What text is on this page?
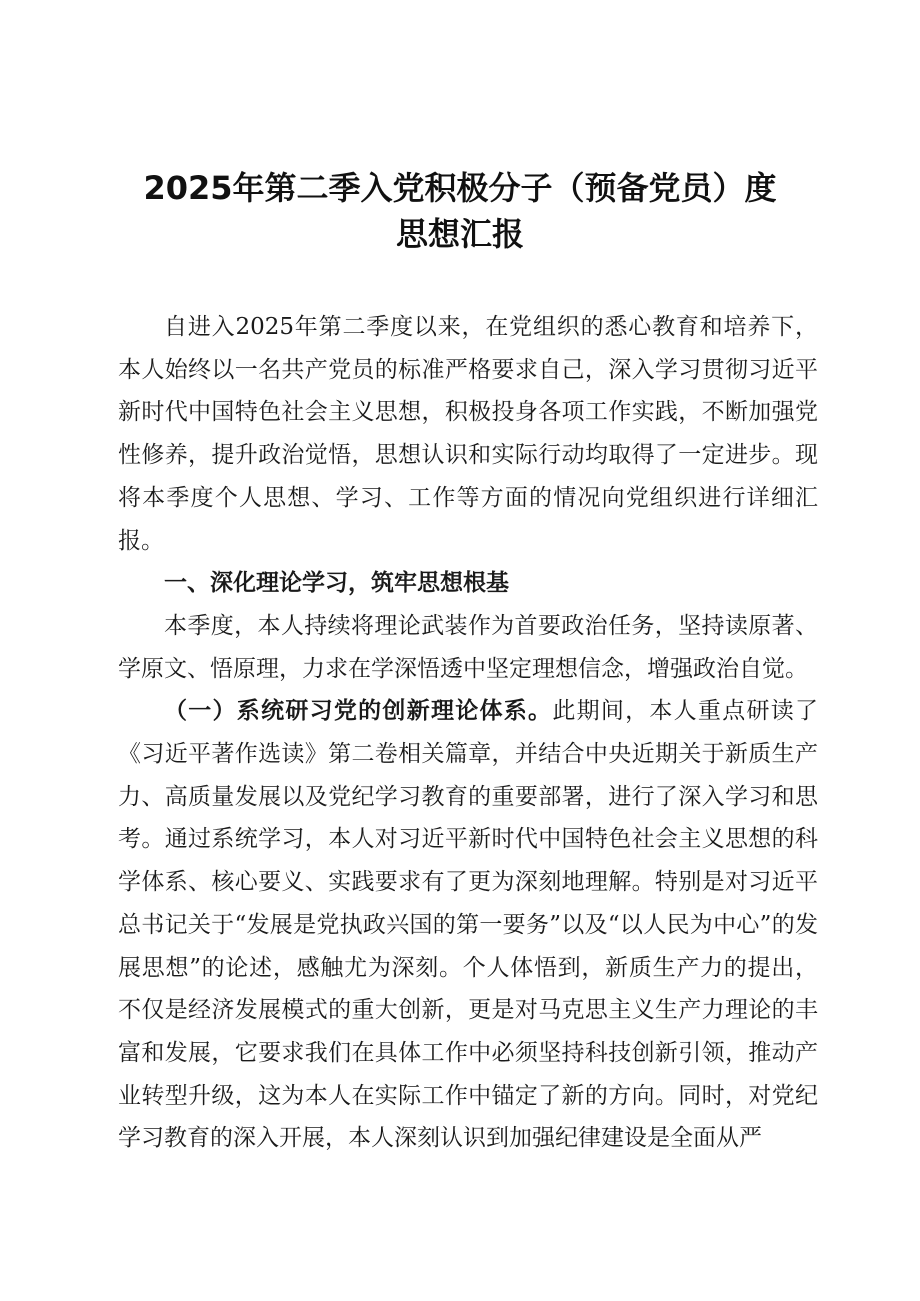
2025年第二季入党积极分子（预备党员）度
思想汇报

自进入2025年第二季度以来，在党组织的悉心教育和培养下，本人始终以一名共产党员的标准严格要求自己，深入学习贯彻习近平新时代中国特色社会主义思想，积极投身各项工作实践，不断加强党性修养，提升政治觉悟，思想认识和实际行动均取得了一定进步。现将本季度个人思想、学习、工作等方面的情况向党组织进行详细汇报。

一、深化理论学习，筑牢思想根基

本季度，本人持续将理论武装作为首要政治任务，坚持读原著、学原文、悟原理，力求在学深悟透中坚定理想信念，增强政治自觉。

（一）系统研习党的创新理论体系。此期间，本人重点研读了《习近平著作选读》第二卷相关篇章，并结合中央近期关于新质生产力、高质量发展以及党纪学习教育的重要部署，进行了深入学习和思考。通过系统学习，本人对习近平新时代中国特色社会主义思想的科学体系、核心要义、实践要求有了更为深刻地理解。特别是对习近平总书记关于“发展是党执政兴国的第一要务”以及“以人民为中心”的发展思想”的论述，感触尤为深刻。个人体悟到，新质生产力的提出，不仅是经济发展模式的重大创新，更是对马克思主义生产力理论的丰富和发展，它要求我们在具体工作中必须坚持科技创新引领，推动产业转型升级，这为本人在实际工作中锚定了新的方向。同时，对党纪学习教育的深入开展，本人深刻认识到加强纪律建设是全面从严
